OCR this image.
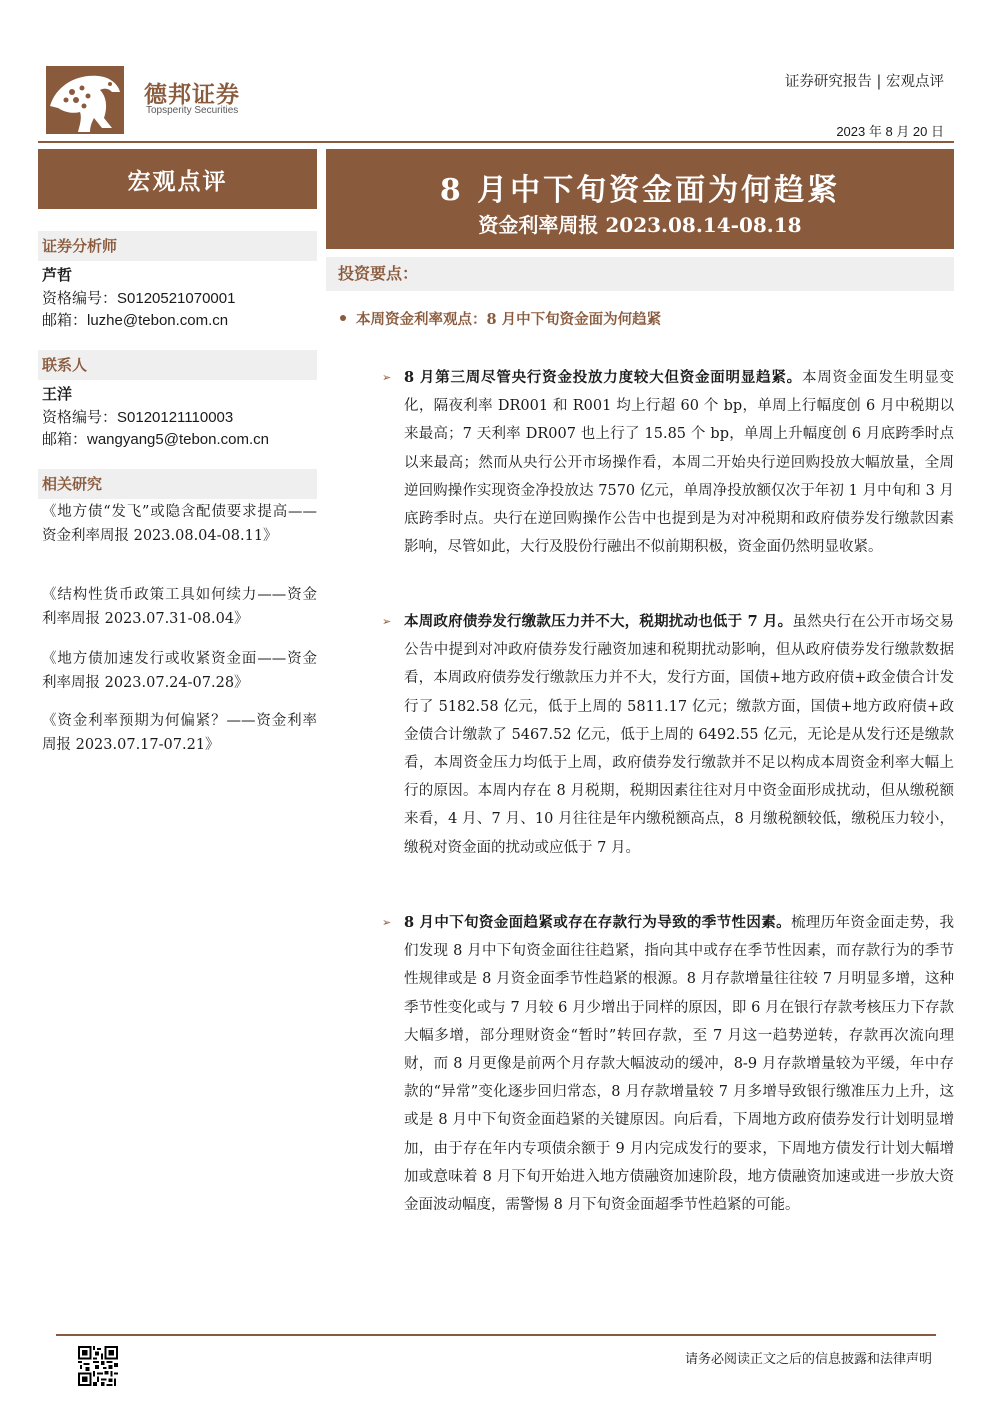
德邦证券
Topsperity Securities
证券研究报告 | 宏观点评
2023 年 8 月 20 日
宏观点评	8 月中下旬资金面为何趋紧
资金利率周报 2023.08.14-08.18
证券分析师
芦哲
资格编号：S0120521070001
邮箱：luzhe@tebon.com.cn
联系人
王洋
资格编号：S0120121110003
邮箱：wangyang5@tebon.com.cn
相关研究
《地方债“发飞”或隐含配债要求提高——资金利率周报 2023.08.04-08.11》
《结构性货币政策工具如何续力——资金利率周报 2023.07.31-08.04》
《地方债加速发行或收紧资金面——资金利率周报 2023.07.24-07.28》
《资金利率预期为何偏紧？——资金利率周报 2023.07.17-07.21》
投资要点：
本周资金利率观点：8 月中下旬资金面为何趋紧
➢ 8 月第三周尽管央行资金投放力度较大但资金面明显趋紧。本周资金面发生明显变化，隔夜利率 DR001 和 R001 均上行超 60 个 bp，单周上行幅度创 6 月中税期以来最高；7 天利率 DR007 也上行了 15.85 个 bp，单周上升幅度创 6 月底跨季时点以来最高；然而从央行公开市场操作看，本周二开始央行逆回购投放大幅放量，全周逆回购操作实现资金净投放达 7570 亿元，单周净投放额仅次于年初 1 月中旬和 3 月底跨季时点。央行在逆回购操作公告中也提到是为对冲税期和政府债券发行缴款因素影响，尽管如此，大行及股份行融出不似前期积极，资金面仍然明显收紧。

➢ 本周政府债券发行缴款压力并不大，税期扰动也低于 7 月。虽然央行在公开市场交易公告中提到对冲政府债券发行融资加速和税期扰动影响，但从政府债券发行缴款数据看，本周政府债券发行缴款压力并不大，发行方面，国债+地方政府债+政金债合计发行了 5182.58 亿元，低于上周的 5811.17 亿元；缴款方面，国债+地方政府债+政金债合计缴款了 5467.52 亿元，低于上周的 6492.55 亿元，无论是从发行还是缴款看，本周资金压力均低于上周，政府债券发行缴款并不足以构成本周资金利率大幅上行的原因。本周内存在 8 月税期，税期因素往往对月中资金面形成扰动，但从缴税额来看，4 月、7 月、10 月往往是年内缴税额高点，8 月缴税额较低，缴税压力较小，缴税对资金面的扰动或应低于 7 月。

➢ 8 月中下旬资金面趋紧或存在存款行为导致的季节性因素。梳理历年资金面走势，我们发现 8 月中下旬资金面往往趋紧，指向其中或存在季节性因素，而存款行为的季节性规律或是 8 月资金面季节性趋紧的根源。8 月存款增量往往较 7 月明显多增，这种季节性变化或与 7 月较 6 月少增出于同样的原因，即 6 月在银行存款考核压力下存款大幅多增，部分理财资金“暂时”转回存款，至 7 月这一趋势逆转，存款再次流向理财，而 8 月更像是前两个月存款大幅波动的缓冲，8-9 月存款增量较为平缓，年中存款的“异常”变化逐步回归常态，8 月存款增量较 7 月多增导致银行缴准压力上升，这或是 8 月中下旬资金面趋紧的关键原因。向后看，下周地方政府债券发行计划明显增加，由于存在年内专项债余额于 9 月内完成发行的要求，下周地方债发行计划大幅增加或意味着 8 月下旬开始进入地方债融资加速阶段，地方债融资加速或进一步放大资金面波动幅度，需警惕 8 月下旬资金面超季节性趋紧的可能。

请务必阅读正文之后的信息披露和法律声明
